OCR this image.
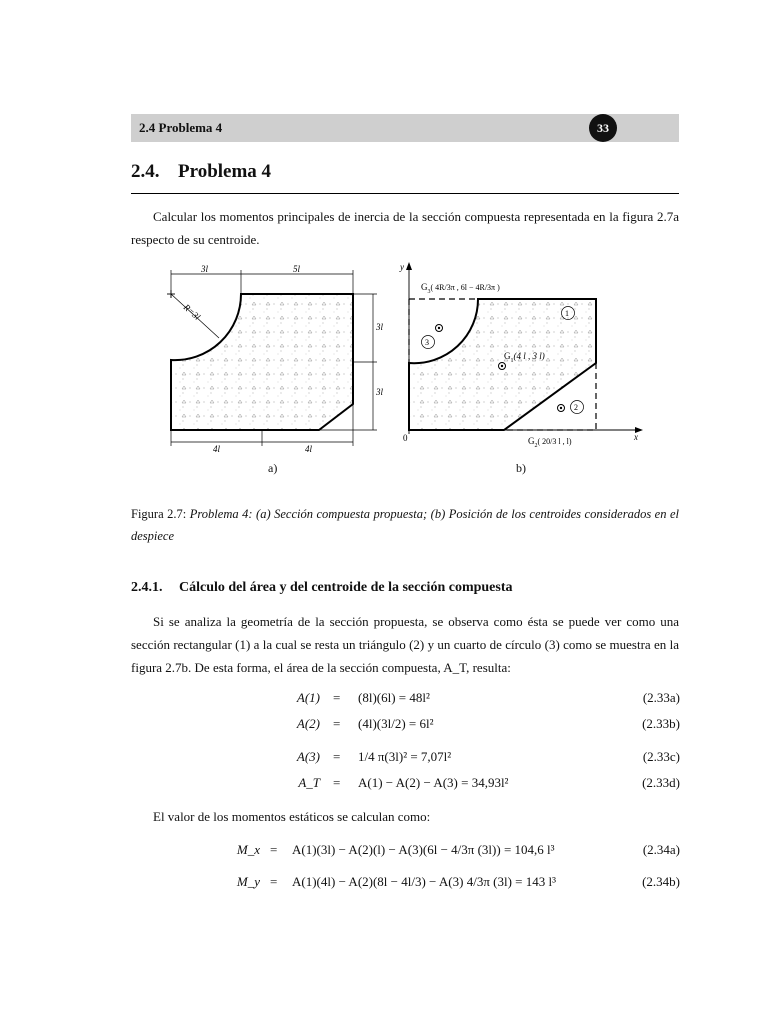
2.4 Problema 4	33
2.4. Problema 4
Calcular los momentos principales de inercia de la sección compuesta representada en la figura 2.7a respecto de su centroide.
3l	5l
R=3l
3l
3l
4l	4l
y
x
0
$G_3$( 4R/3π , 6l − 4R/3π )
$G_1(4$ l , 3 l)
$G_2$( 20/3 l , l)
1
2
3
a)	b)
Figura 2.7: Problema 4: (a) Sección compuesta propuesta; (b) Posición de los centroides considerados en el despiece
2.4.1. Cálculo del área y del centroide de la sección compuesta
Si se analiza la geometría de la sección propuesta, se observa como ésta se puede ver como una sección rectangular (1) a la cual se resta un triángulo (2) y un cuarto de círculo (3) como se muestra en la figura 2.7b. De esta forma, el área de la sección compuesta, A_T, resulta:
A(1) = (8l)(6l) = 48l²	(2.33a)
A(2) = (4l)(3l/2) = 6l²	(2.33b)
A(3) = 1/4 π(3l)² = 7,07l²	(2.33c)
A_T = A(1) − A(2) − A(3) = 34,93l²	(2.33d)
El valor de los momentos estáticos se calculan como:
M_x = A(1)(3l) − A(2)(l) − A(3)(6l − 4/3π (3l)) = 104,6 l³	(2.34a)
M_y = A(1)(4l) − A(2)(8l − 4l/3) − A(3) 4/3π (3l) = 143 l³	(2.34b)
